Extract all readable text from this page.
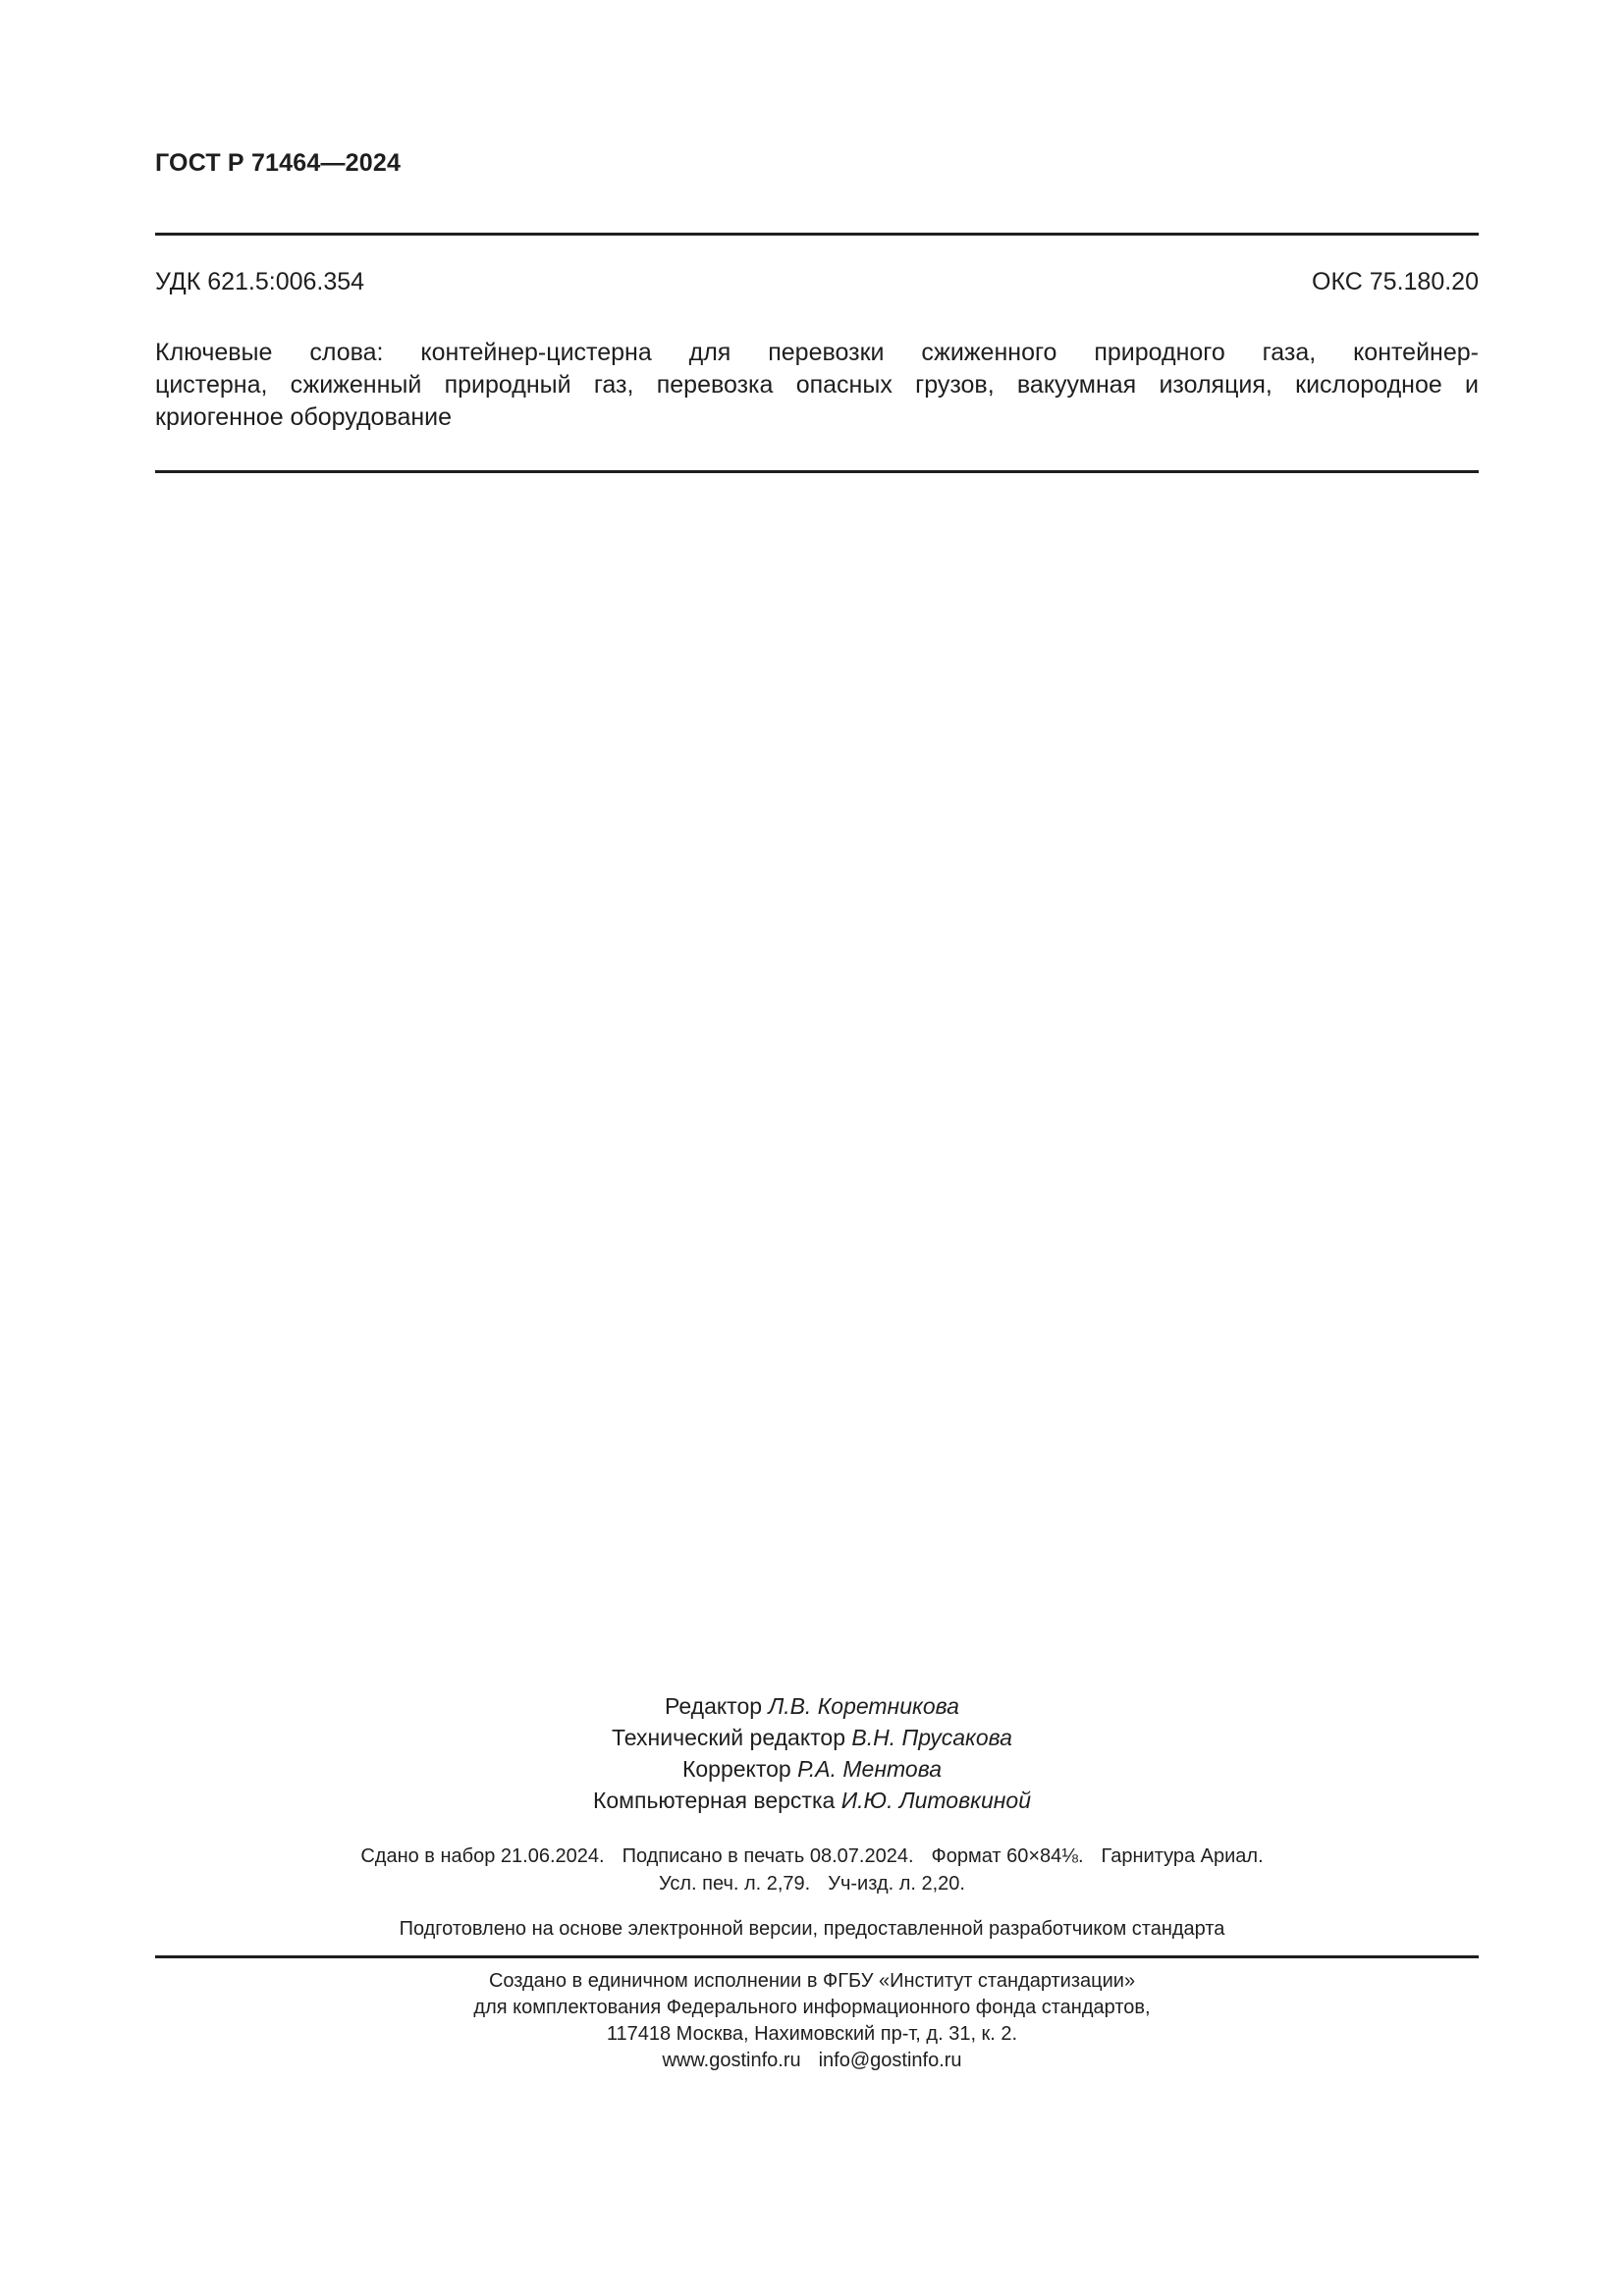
ГОСТ Р 71464—2024
УДК 621.5:006.354	ОКС 75.180.20
Ключевые слова: контейнер-цистерна для перевозки сжиженного природного газа, контейнер-
цистерна, сжиженный природный газ, перевозка опасных грузов, вакуумная изоляция, кислородное и
криогенное оборудование
Редактор Л.В. Коретникова
Технический редактор В.Н. Прусакова
Корректор Р.А. Ментова
Компьютерная верстка И.Ю. Литовкиной
Сдано в набор 21.06.2024. Подписано в печать 08.07.2024. Формат 60×84⅛. Гарнитура Ариал.
Усл. печ. л. 2,79. Уч-изд. л. 2,20.
Подготовлено на основе электронной версии, предоставленной разработчиком стандарта
Создано в единичном исполнении в ФГБУ «Институт стандартизации»
для комплектования Федерального информационного фонда стандартов,
117418 Москва, Нахимовский пр-т, д. 31, к. 2.
www.gostinfo.ru info@gostinfo.ru
